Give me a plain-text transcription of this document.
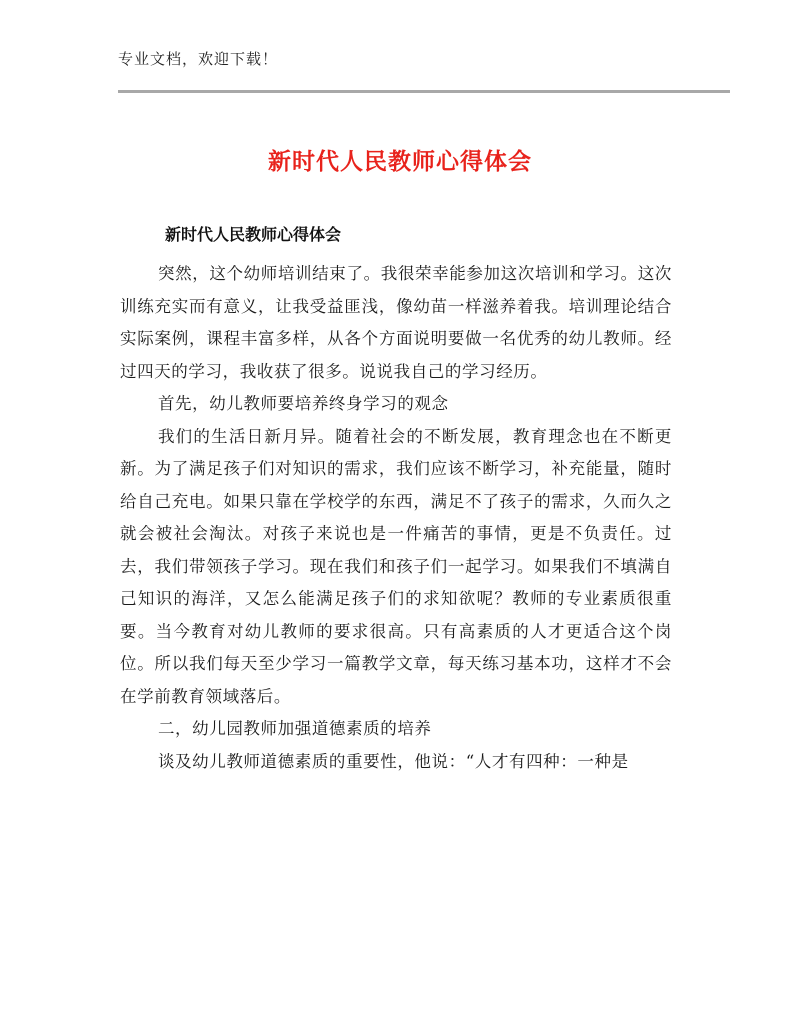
专业文档，欢迎下载！
新时代人民教师心得体会
新时代人民教师心得体会

突然，这个幼师培训结束了。我很荣幸能参加这次培训和学习。这次训练充实而有意义，让我受益匪浅，像幼苗一样滋养着我。培训理论结合实际案例，课程丰富多样，从各个方面说明要做一名优秀的幼儿教师。经过四天的学习，我收获了很多。说说我自己的学习经历。

首先，幼儿教师要培养终身学习的观念

我们的生活日新月异。随着社会的不断发展，教育理念也在不断更新。为了满足孩子们对知识的需求，我们应该不断学习，补充能量，随时给自己充电。如果只靠在学校学的东西，满足不了孩子的需求，久而久之就会被社会淘汰。对孩子来说也是一件痛苦的事情，更是不负责任。过去，我们带领孩子学习。现在我们和孩子们一起学习。如果我们不填满自己知识的海洋，又怎么能满足孩子们的求知欲呢？教师的专业素质很重要。当今教育对幼儿教师的要求很高。只有高素质的人才更适合这个岗位。所以我们每天至少学习一篇教学文章，每天练习基本功，这样才不会在学前教育领域落后。

二，幼儿园教师加强道德素质的培养

谈及幼儿教师道德素质的重要性，他说：“人才有四种：一种是
